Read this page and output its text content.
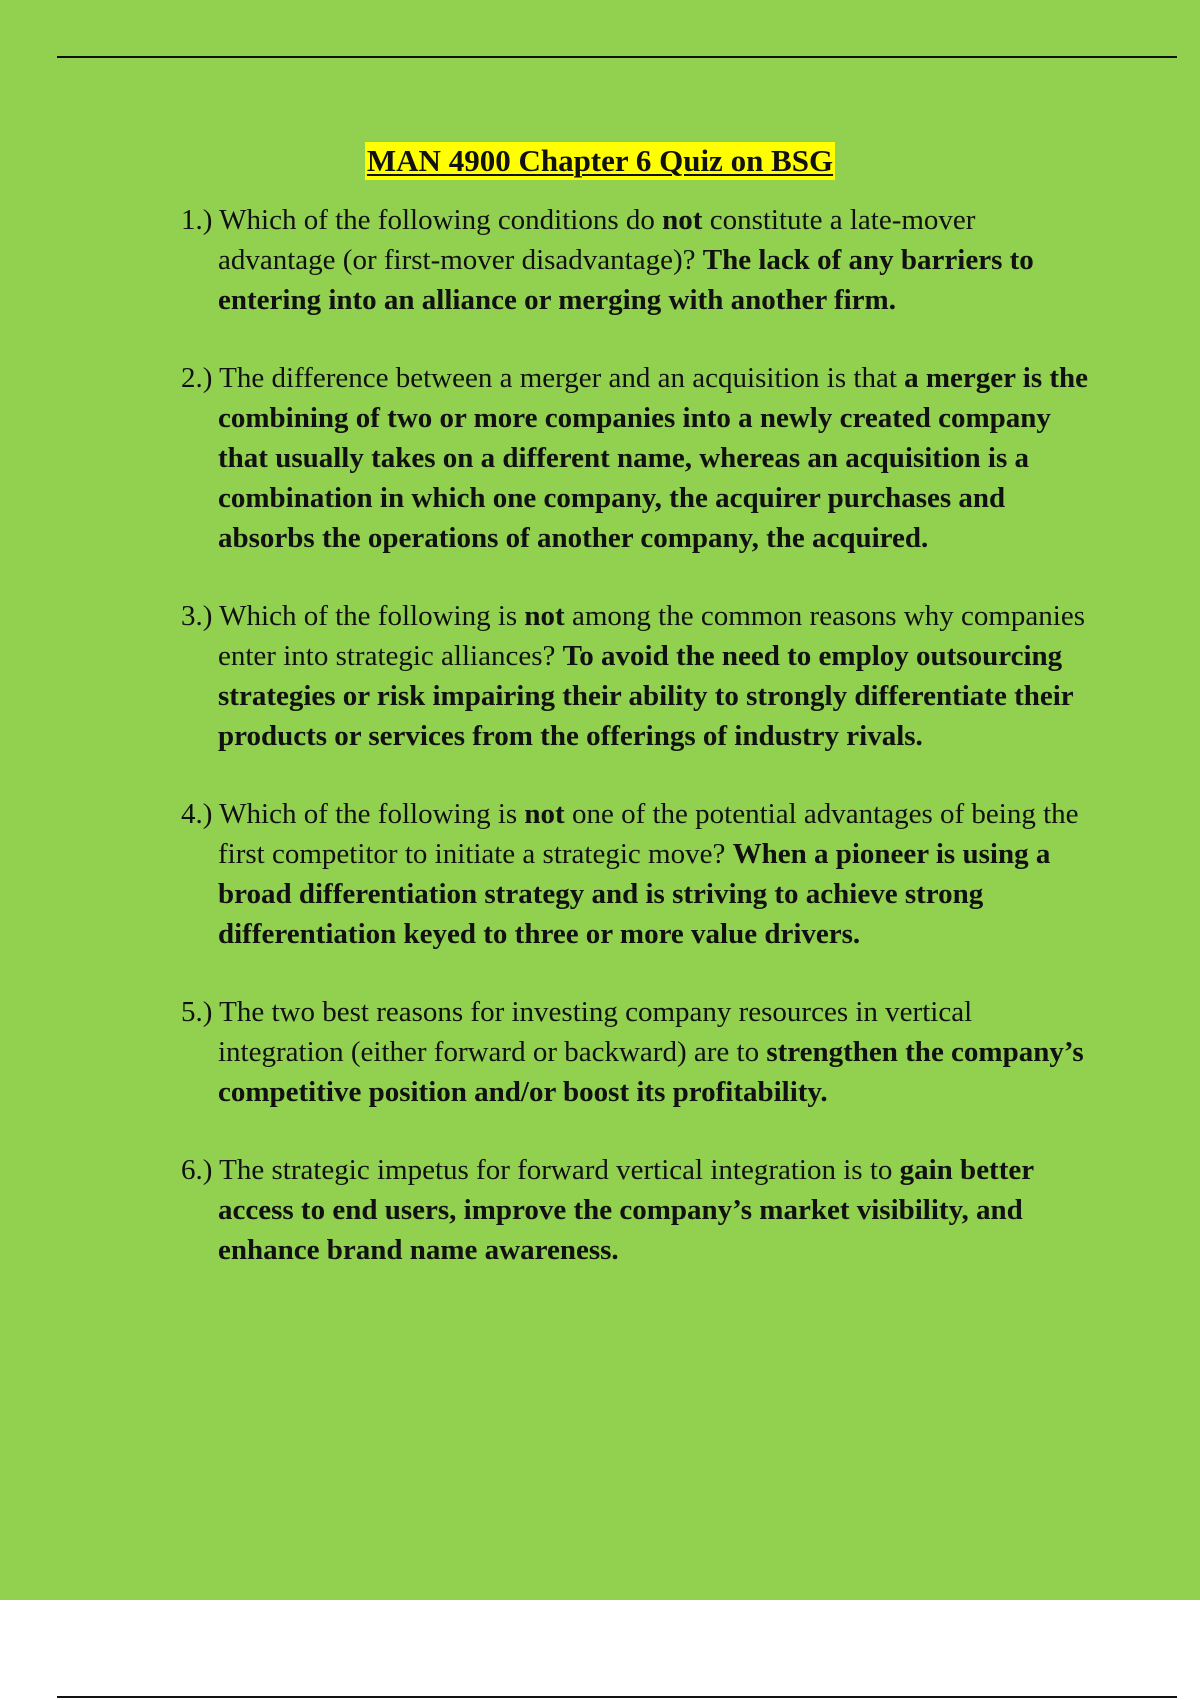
MAN 4900 Chapter 6 Quiz on BSG
1.) Which of the following conditions do not constitute a late-mover advantage (or first-mover disadvantage)? The lack of any barriers to entering into an alliance or merging with another firm.
2.) The difference between a merger and an acquisition is that a merger is the combining of two or more companies into a newly created company that usually takes on a different name, whereas an acquisition is a combination in which one company, the acquirer purchases and absorbs the operations of another company, the acquired.
3.) Which of the following is not among the common reasons why companies enter into strategic alliances? To avoid the need to employ outsourcing strategies or risk impairing their ability to strongly differentiate their products or services from the offerings of industry rivals.
4.) Which of the following is not one of the potential advantages of being the first competitor to initiate a strategic move? When a pioneer is using a broad differentiation strategy and is striving to achieve strong differentiation keyed to three or more value drivers.
5.) The two best reasons for investing company resources in vertical integration (either forward or backward) are to strengthen the company’s competitive position and/or boost its profitability.
6.) The strategic impetus for forward vertical integration is to gain better access to end users, improve the company’s market visibility, and enhance brand name awareness.
